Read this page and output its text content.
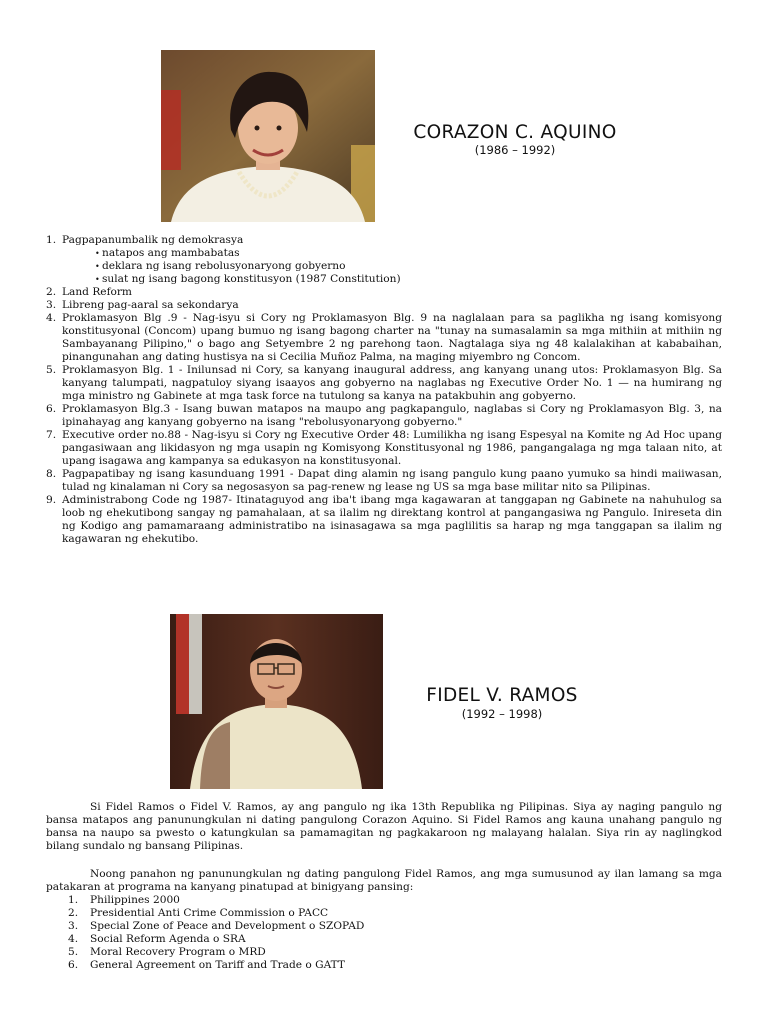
CORAZON C. AQUINO
(1986 – 1992)
1. Pagpapanumbalik ng demokrasya
• natapos ang mambabatas
• deklara ng isang rebolusyonaryong gobyerno
• sulat ng isang bagong konstitusyon (1987 Constitution)
2. Land Reform
3. Libreng pag-aaral sa sekondarya
4. Proklamasyon Blg .9 - Nag-isyu si Cory ng Proklamasyon Blg. 9 na naglalaan para sa paglikha ng isang komisyong konstitusyonal (Concom) upang bumuo ng isang bagong charter na "tunay na sumasalamin sa mga mithiin at mithiin ng Sambayanang Pilipino," o bago ang Setyembre 2 ng parehong taon. Nagtalaga siya ng 48 kalalakihan at kababaihan, pinangunahan ang dating hustisya na si Cecilia Muñoz Palma, na maging miyembro ng Concom.
5. Proklamasyon Blg. 1 - Inilunsad ni Cory, sa kanyang inaugural address, ang kanyang unang utos: Proklamasyon Blg. Sa kanyang talumpati, nagpatuloy siyang isaayos ang gobyerno na naglabas ng Executive Order No. 1 — na humirang ng mga ministro ng Gabinete at mga task force na tutulong sa kanya na patakbuhin ang gobyerno.
6. Proklamasyon Blg.3 - Isang buwan matapos na maupo ang pagkapangulo, naglabas si Cory ng Proklamasyon Blg. 3, na ipinahayag ang kanyang gobyerno na isang "rebolusyonaryong gobyerno."
7. Executive order no.88 - Nag-isyu si Cory ng Executive Order 48: Lumilikha ng isang Espesyal na Komite ng Ad Hoc upang pangasiwaan ang likidasyon ng mga usapin ng Komisyong Konstitusyonal ng 1986, pangangalaga ng mga talaan nito, at upang isagawa ang kampanya sa edukasyon na konstitusyonal.
8. Pagpapatibay ng isang kasunduang 1991 - Dapat ding alamin ng isang pangulo kung paano yumuko sa hindi maiiwasan, tulad ng kinalaman ni Cory sa negosasyon sa pag-renew ng lease ng US sa mga base militar nito sa Pilipinas.
9. Administrabong Code ng 1987- Itinataguyod ang iba't ibang mga kagawaran at tanggapan ng Gabinete na nahuhulog sa loob ng ehekutibong sangay ng pamahalaan, at sa ilalim ng direktang kontrol at pangangasiwa ng Pangulo. Inireseta din ng Kodigo ang pamamaraang administratibo na isinasagawa sa mga paglilitis sa harap ng mga tanggapan sa ilalim ng kagawaran ng ehekutibo.
FIDEL V. RAMOS
(1992 – 1998)

Si Fidel Ramos o Fidel V. Ramos, ay ang pangulo ng ika 13th Republika ng Pilipinas. Siya ay naging pangulo ng bansa matapos ang panunungkulan ni dating pangulong Corazon Aquino. Si Fidel Ramos ang kauna unahang pangulo ng bansa na naupo sa pwesto o katungkulan sa pamamagitan ng pagkakaroon ng malayang halalan. Siya rin ay naglingkod bilang sundalo ng bansang Pilipinas.

Noong panahon ng panunungkulan ng dating pangulong Fidel Ramos, ang mga sumusunod ay ilan lamang sa mga patakaran at programa na kanyang pinatupad at binigyang pansing:

1. Philippines 2000
2. Presidential Anti Crime Commission o PACC
3. Special Zone of Peace and Development o SZOPAD
4. Social Reform Agenda o SRA
5. Moral Recovery Program o MRD
6. General Agreement on Tariff and Trade o GATT
